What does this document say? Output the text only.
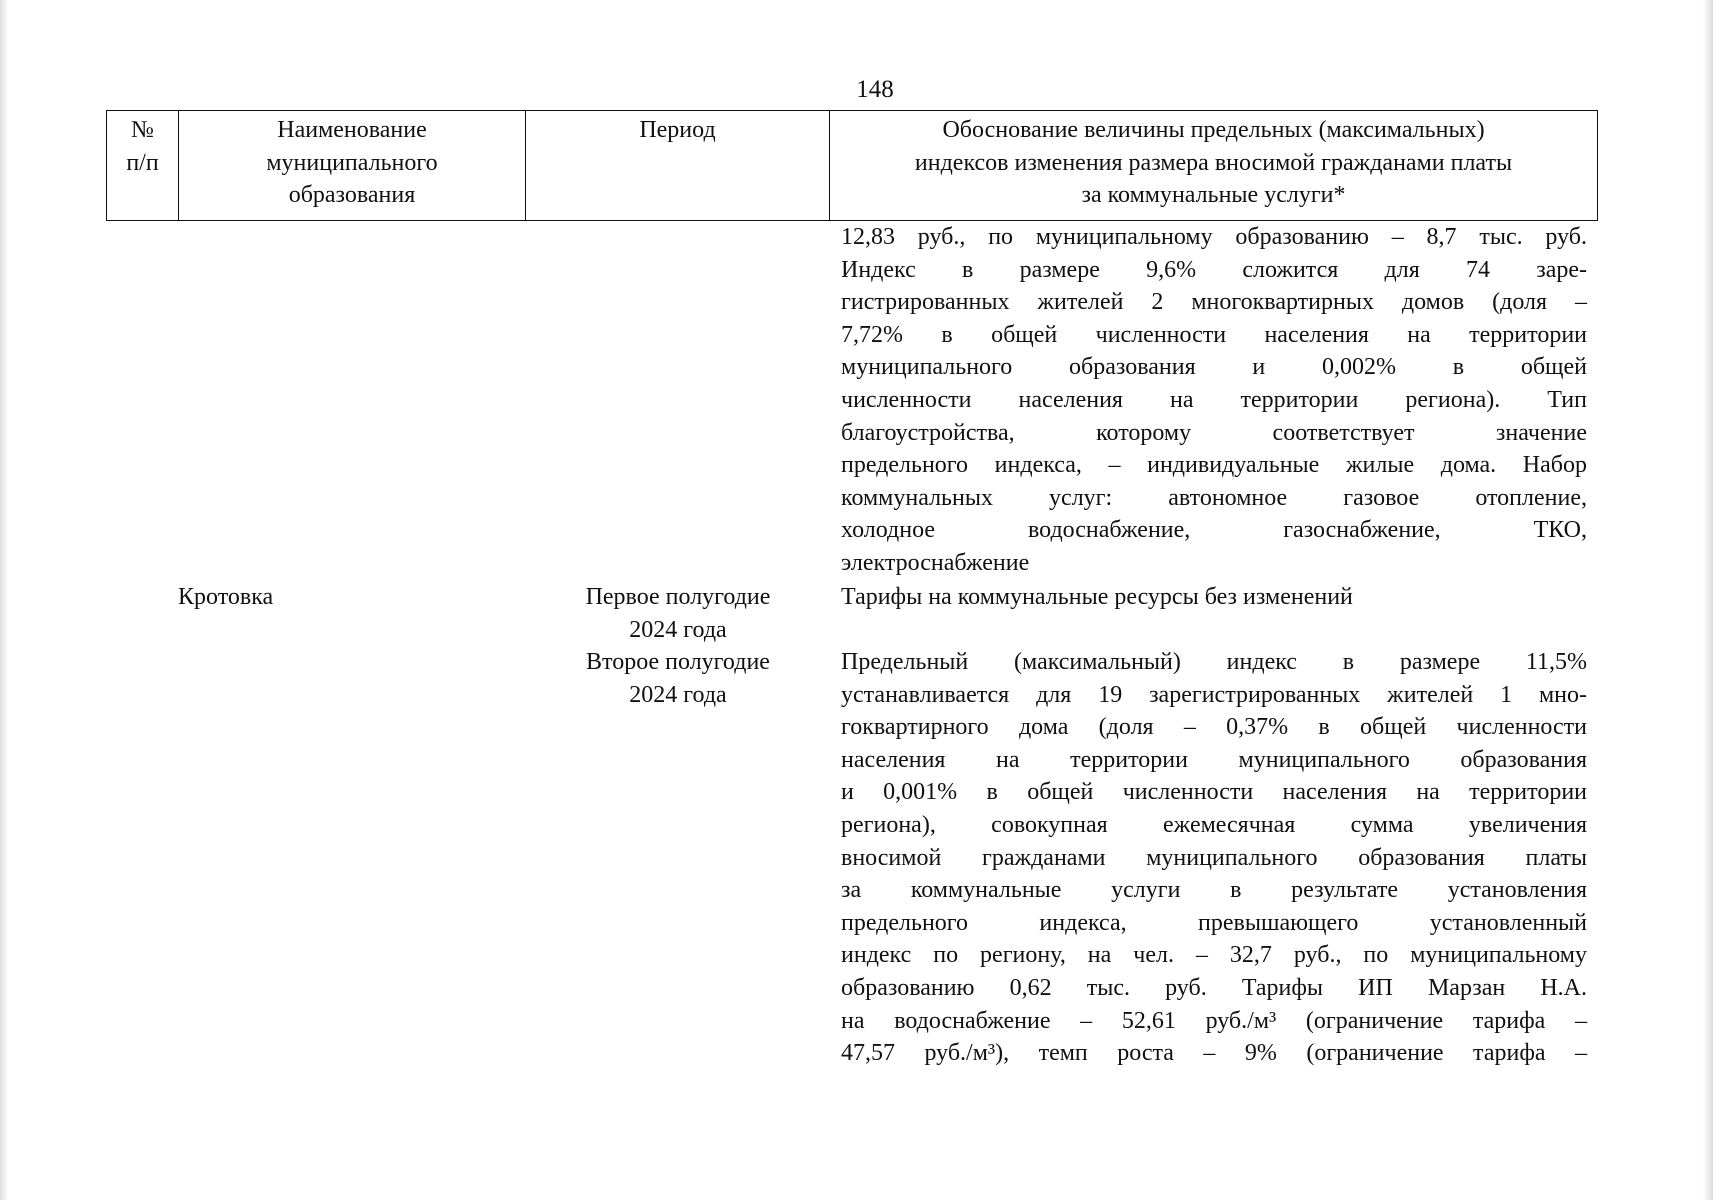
148
№
п/п
Наименование
муниципального
образования
Период	Обоснование величины предельных (максимальных)
индексов изменения размера вносимой гражданами платы
за коммунальные услуги*
12,83 руб., по муниципальному образованию – 8,7 тыс. руб.
Индекс в размере 9,6% сложится для 74 заре-
гистрированных жителей 2 многоквартирных домов (доля –
7,72% в общей численности населения на территории
муниципального образования и 0,002% в общей
численности населения на территории региона). Тип
благоустройства, которому соответствует значение
предельного индекса, – индивидуальные жилые дома. Набор
коммунальных услуг: автономное газовое отопление,
холодное водоснабжение, газоснабжение, ТКО,
электроснабжение
Кротовка	Первое полугодие
2024 года
Тарифы на коммунальные ресурсы без изменений
Второе полугодие
2024 года
Предельный (максимальный) индекс в размере 11,5%
устанавливается для 19 зарегистрированных жителей 1 мно-
гоквартирного дома (доля – 0,37% в общей численности
населения на территории муниципального образования
и 0,001% в общей численности населения на территории
региона), совокупная ежемесячная сумма увеличения
вносимой гражданами муниципального образования платы
за коммунальные услуги в результате установления
предельного индекса, превышающего установленный
индекс по региону, на чел. – 32,7 руб., по муниципальному
образованию 0,62 тыс. руб. Тарифы ИП Марзан Н.А.
на водоснабжение – 52,61 руб./м³ (ограничение тарифа –
47,57 руб./м³), темп роста – 9% (ограничение тарифа –
